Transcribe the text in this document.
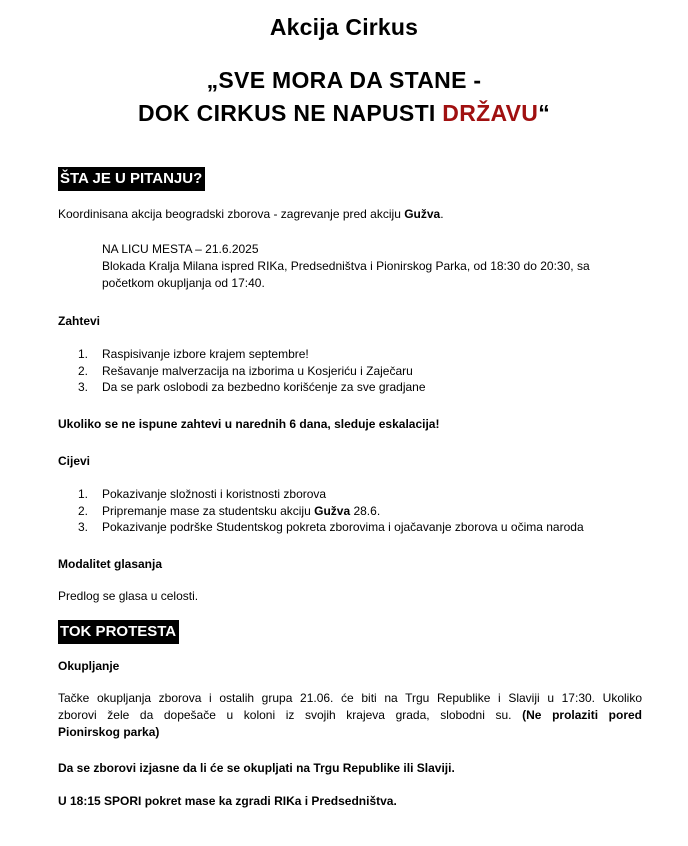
Akcija Cirkus
„SVE MORA DA STANE -
DOK CIRKUS NE NAPUSTI DRŽAVU“
ŠTA JE U PITANJU?
Koordinisana akcija beogradski zborova - zagrevanje pred akciju Gužva.
NA LICU MESTA – 21.6.2025
Blokada Kralja Milana ispred RIKa, Predsedništva i Pionirskog Parka, od 18:30 do 20:30, sa
početkom okupljanja od 17:40.
Zahtevi
1. Raspisivanje izbore krajem septembre!
2. Rešavanje malverzacija na izborima u Kosjeriću i Zaječaru
3. Da se park oslobodi za bezbedno korišćenje za sve gradjane
Ukoliko se ne ispune zahtevi u narednih 6 dana, sleduje eskalacija!
Cijevi
1. Pokazivanje složnosti i koristnosti zborova
2. Pripremanje mase za studentsku akciju Gužva 28.6.
3. Pokazivanje podrške Studentskog pokreta zborovima i ojačavanje zborova u očima naroda
Modalitet glasanja
Predlog se glasa u celosti.
TOK PROTESTA
Okupljanje
Tačke okupljanja zborova i ostalih grupa 21.06. će biti na Trgu Republike i Slaviji u 17:30. Ukoliko
zborovi žele da dopešače u koloni iz svojih krajeva grada, slobodni su. (Ne prolaziti pored
Pionirskog parka)
Da se zborovi izjasne da li će se okupljati na Trgu Republike ili Slaviji.
U 18:15 SPORI pokret mase ka zgradi RIKa i Predsedništva.
